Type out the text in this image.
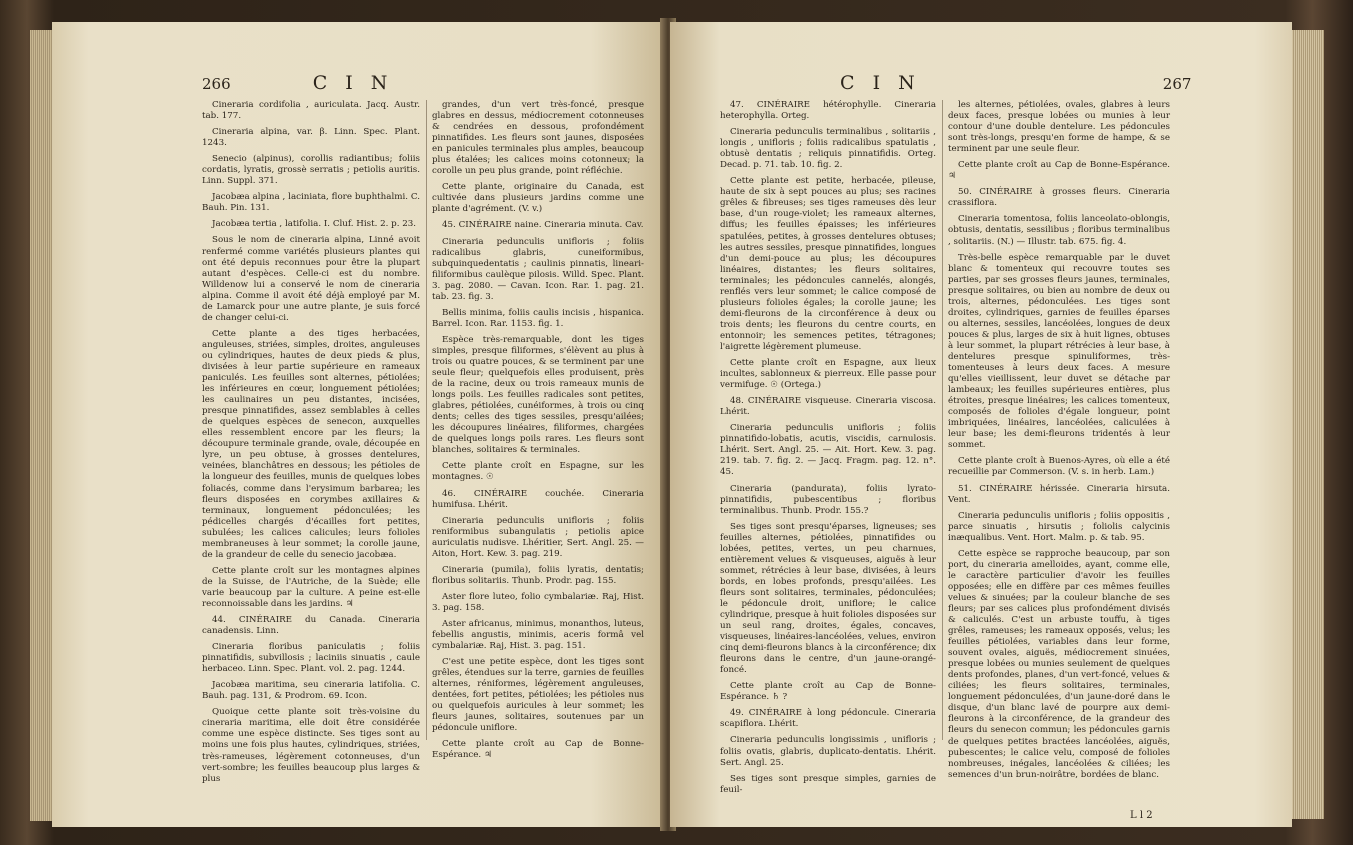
266	C I N

Cineraria cordifolia , auriculata. Jacq. Austr. tab. 177.

Cineraria alpina, var. β. Linn. Spec. Plant. 1243.

Senecio (alpinus), corollis radiantibus; foliis cordatis, lyratis, grossè serratis ; petiolis auritis. Linn. Suppl. 371.

Jacobæa alpina , laciniata, flore buphthalmi. C. Bauh. Pin. 131.

Jacobæa tertia , latifolia. I. Cluf. Hist. 2. p. 23.

Sous le nom de cineraria alpina, Linné avoit renfermé comme variétés plusieurs plantes qui ont été depuis reconnues pour être la plupart autant d'espèces. Celle-ci est du nombre. Willdenow lui a conservé le nom de cineraria alpina. Comme il avoit été déjà employé par M. de Lamarck pour une autre plante, je suis forcé de changer celui-ci.

Cette plante a des tiges herbacées, anguleuses, striées, simples, droites, anguleuses ou cylindriques, hautes de deux pieds & plus, divisées à leur partie supérieure en rameaux paniculés. Les feuilles sont alternes, pétiolées; les inférieures en cœur, longuement pétiolées; les caulinaires un peu distantes, incisées, presque pinnatifides, assez semblables à celles de quelques espèces de senecon, auxquelles elles ressemblent encore par les fleurs; la découpure terminale grande, ovale, découpée en lyre, un peu obtuse, à grosses dentelures, veinées, blanchâtres en dessous; les pétioles de la longueur des feuilles, munis de quelques lobes foliacés, comme dans l'erysimum barbarea; les fleurs disposées en corymbes axillaires & terminaux, longuement pédonculées; les pédicelles chargés d'écailles fort petites, subulées; les calices calicules; leurs folioles membraneuses à leur sommet; la corolle jaune, de la grandeur de celle du senecio jacobæa.

Cette plante croît sur les montagnes alpines de la Suisse, de l'Autriche, de la Suède; elle varie beaucoup par la culture. A peine est-elle reconnoissable dans les jardins. ♃

44. CINÉRAIRE du Canada. Cineraria canadensis. Linn.

Cineraria floribus paniculatis ; foliis pinnatifidis, subvillosis ; laciniis sinuatis , caule herbaceo. Linn. Spec. Plant. vol. 2. pag. 1244.

Jacobæa maritima, seu cineraria latifolia. C. Bauh. pag. 131, & Prodrom. 69. Icon.

Quoique cette plante soit très-voisine du cineraria maritima, elle doit être considérée comme une espèce distincte. Ses tiges sont au moins une fois plus hautes, cylindriques, striées, très-rameuses, légèrement cotonneuses, d'un vert-sombre; les feuilles beaucoup plus larges & plus

grandes, d'un vert très-foncé, presque glabres en dessus, médiocrement cotonneuses & cendrées en dessous, profondément pinnatifides. Les fleurs sont jaunes, disposées en panicules terminales plus amples, beaucoup plus étalées; les calices moins cotonneux; la corolle un peu plus grande, point réfléchie.

Cette plante, originaire du Canada, est cultivée dans plusieurs jardins comme une plante d'agrément. (V. v.)

45. CINÉRAIRE naine. Cineraria minuta. Cav.

Cineraria pedunculis unifloris ; foliis radicalibus glabris, cuneiformibus, subquinquedentatis ; caulinis pinnatis, lineari-filiformibus caulèque pilosis. Willd. Spec. Plant. 3. pag. 2080. — Cavan. Icon. Rar. 1. pag. 21. tab. 23. fig. 3.

Bellis minima, foliis caulis incisis , hispanica. Barrel. Icon. Rar. 1153. fig. 1.

Espèce très-remarquable, dont les tiges simples, presque filiformes, s'élèvent au plus à trois ou quatre pouces, & se terminent par une seule fleur; quelquefois elles produisent, près de la racine, deux ou trois rameaux munis de longs poils. Les feuilles radicales sont petites, glabres, pétiolées, cunéiformes, à trois ou cinq dents; celles des tiges sessiles, presqu'ailées; les découpures linéaires, filiformes, chargées de quelques longs poils rares. Les fleurs sont blanches, solitaires & terminales.

Cette plante croît en Espagne, sur les montagnes. ☉

46. CINÉRAIRE couchée. Cineraria humifusa. Lhérit.

Cineraria pedunculis unifloris ; foliis reniformibus subangulatis ; petiolis apice auriculatis nudisve. Lhéritier, Sert. Angl. 25. — Aiton, Hort. Kew. 3. pag. 219.

Cineraria (pumila), foliis lyratis, dentatis; floribus solitariis. Thunb. Prodr. pag. 155.

Aster flore luteo, folio cymbalariæ. Raj, Hist. 3. pag. 158.

Aster africanus, minimus, monanthos, luteus, febellis angustis, minimis, aceris formâ vel cymbalariæ. Raj, Hist. 3. pag. 151.

C'est une petite espèce, dont les tiges sont grêles, étendues sur la terre, garnies de feuilles alternes, réniformes, légèrement anguleuses, dentées, fort petites, pétiolées; les pétioles nus ou quelquefois auricules à leur sommet; les fleurs jaunes, solitaires, soutenues par un pédoncule uniflore.

Cette plante croît au Cap de Bonne-Espérance. ♃

C I N	267

47. CINÉRAIRE hétérophylle. Cineraria heterophylla. Orteg.

Cineraria pedunculis terminalibus , solitariis , longis , unifloris ; foliis radicalibus spatulatis , obtusè dentatis ; reliquis pinnatifidis. Orteg. Decad. p. 71. tab. 10. fig. 2.

Cette plante est petite, herbacée, pileuse, haute de six à sept pouces au plus; ses racines grêles & fibreuses; ses tiges rameuses dès leur base, d'un rouge-violet; les rameaux alternes, diffus; les feuilles épaisses; les inférieures spatulées, petites, à grosses dentelures obtuses; les autres sessiles, presque pinnatifides, longues d'un demi-pouce au plus; les découpures linéaires, distantes; les fleurs solitaires, terminales; les pédoncules cannelés, alongés, renflés vers leur sommet; le calice composé de plusieurs folioles égales; la corolle jaune; les demi-fleurons de la circonférence à deux ou trois dents; les fleurons du centre courts, en entonnoir; les semences petites, tétragones; l'aigrette légèrement plumeuse.

Cette plante croît en Espagne, aux lieux incultes, sablonneux & pierreux. Elle passe pour vermifuge. ☉ (Ortega.)

48. CINÉRAIRE visqueuse. Cineraria viscosa. Lhérit.

Cineraria pedunculis unifloris ; foliis pinnatifido-lobatis, acutis, viscidis, carnulosis. Lhérit. Sert. Angl. 25. — Ait. Hort. Kew. 3. pag. 219. tab. 7. fig. 2. — Jacq. Fragm. pag. 12. n°. 45.

Cineraria (pandurata), foliis lyrato-pinnatifidis, pubescentibus ; floribus terminalibus. Thunb. Prodr. 155.?

Ses tiges sont presqu'éparses, ligneuses; ses feuilles alternes, pétiolées, pinnatifides ou lobées, petites, vertes, un peu charnues, entièrement velues & visqueuses, aiguës à leur sommet, rétrécies à leur base, divisées, à leurs bords, en lobes profonds, presqu'ailées. Les fleurs sont solitaires, terminales, pédonculées; le pédoncule droit, uniflore; le calice cylindrique, presque à huit folioles disposées sur un seul rang, droites, égales, concaves, visqueuses, linéaires-lancéolées, velues, environ cinq demi-fleurons blancs à la circonférence; dix fleurons dans le centre, d'un jaune-orangé-foncé.

Cette plante croît au Cap de Bonne-Espérance. ♄ ?

49. CINÉRAIRE à long pédoncule. Cineraria scapiflora. Lhérit.

Cineraria pedunculis longissimis , unifloris ; foliis ovatis, glabris, duplicato-dentatis. Lhérit. Sert. Angl. 25.

Ses tiges sont presque simples, garnies de feuil-

les alternes, pétiolées, ovales, glabres à leurs deux faces, presque lobées ou munies à leur contour d'une double dentelure. Les pédoncules sont très-longs, presqu'en forme de hampe, & se terminent par une seule fleur.

Cette plante croît au Cap de Bonne-Espérance. ♃

50. CINÉRAIRE à grosses fleurs. Cineraria crassiflora.

Cineraria tomentosa, foliis lanceolato-oblongis, obtusis, dentatis, sessilibus ; floribus terminalibus , solitariis. (N.) — Illustr. tab. 675. fig. 4.

Très-belle espèce remarquable par le duvet blanc & tomenteux qui recouvre toutes ses parties, par ses grosses fleurs jaunes, terminales, presque solitaires, ou bien au nombre de deux ou trois, alternes, pédonculées. Les tiges sont droites, cylindriques, garnies de feuilles éparses ou alternes, sessiles, lancéolées, longues de deux pouces & plus, larges de six à huit lignes, obtuses à leur sommet, la plupart rétrécies à leur base, à dentelures presque spinuliformes, très-tomenteuses à leurs deux faces. A mesure qu'elles vieillissent, leur duvet se détache par lambeaux; les feuilles supérieures entières, plus étroites, presque linéaires; les calices tomenteux, composés de folioles d'égale longueur, point imbriquées, linéaires, lancéolées, caliculées à leur base; les demi-fleurons tridentés à leur sommet.

Cette plante croît à Buenos-Ayres, où elle a été recueillie par Commerson. (V. s. in herb. Lam.)

51. CINÉRAIRE hérissée. Cineraria hirsuta. Vent.

Cineraria pedunculis unifloris ; foliis oppositis , parce sinuatis , hirsutis ; foliolis calycinis inæqualibus. Vent. Hort. Malm. p. & tab. 95.

Cette espèce se rapproche beaucoup, par son port, du cineraria amelloides, ayant, comme elle, le caractère particulier d'avoir les feuilles opposées; elle en diffère par ces mêmes feuilles velues & sinuées; par la couleur blanche de ses fleurs; par ses calices plus profondément divisés & caliculés. C'est un arbuste touffu, à tiges grêles, rameuses; les rameaux opposés, velus; les feuilles pétiolées, variables dans leur forme, souvent ovales, aiguës, médiocrement sinuées, presque lobées ou munies seulement de quelques dents profondes, planes, d'un vert-foncé, velues & ciliées; les fleurs solitaires, terminales, longuement pédonculées, d'un jaune-doré dans le disque, d'un blanc lavé de pourpre aux demi-fleurons à la circonférence, de la grandeur des fleurs du senecon commun; les pédoncules garnis de quelques petites bractées lancéolées, aiguës, pubescentes; le calice velu, composé de folioles nombreuses, inégales, lancéolées & ciliées; les semences d'un brun-noirâtre, bordées de blanc.

L l 2
